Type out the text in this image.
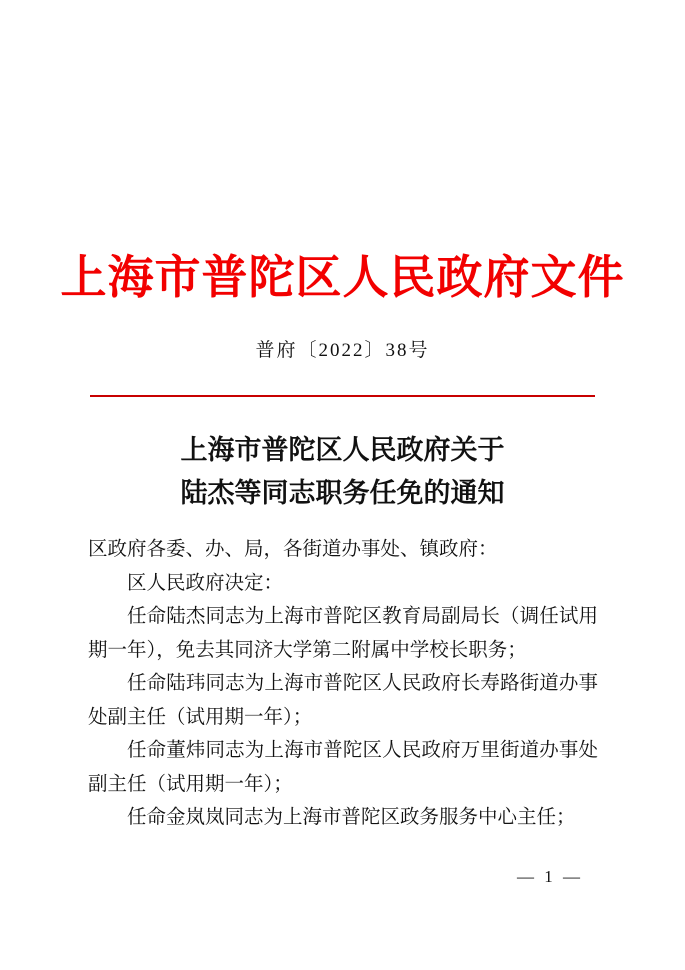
上海市普陀区人民政府文件
普府〔2022〕38号
上海市普陀区人民政府关于
陆杰等同志职务任免的通知

区政府各委、办、局，各街道办事处、镇政府：

区人民政府决定：

任命陆杰同志为上海市普陀区教育局副局长（调任试用期一年），免去其同济大学第二附属中学校长职务；

任命陆玮同志为上海市普陀区人民政府长寿路街道办事处副主任（试用期一年）；

任命董炜同志为上海市普陀区人民政府万里街道办事处副主任（试用期一年）；

任命金岚岚同志为上海市普陀区政务服务中心主任；

— 1 —
